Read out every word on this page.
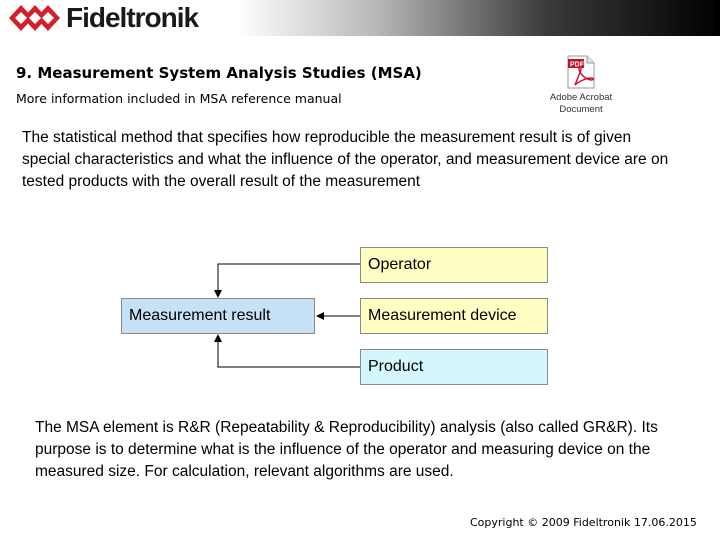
Fideltronik
9. Measurement System Analysis Studies (MSA)
More information included in MSA reference manual
PDF
Adobe Acrobat
Document
The statistical method that specifies how reproducible the measurement result is of given special characteristics and what the influence of the operator, and measurement device are on tested products with the overall result of the measurement
Operator
Measurement result	Measurement device
Product
The MSA element is R&R (Repeatability & Reproducibility) analysis (also called GR&R). Its purpose is to determine what is the influence of the operator and measuring device on the measured size. For calculation, relevant algorithms are used.
Copyright © 2009 Fideltronik 17.06.2015
